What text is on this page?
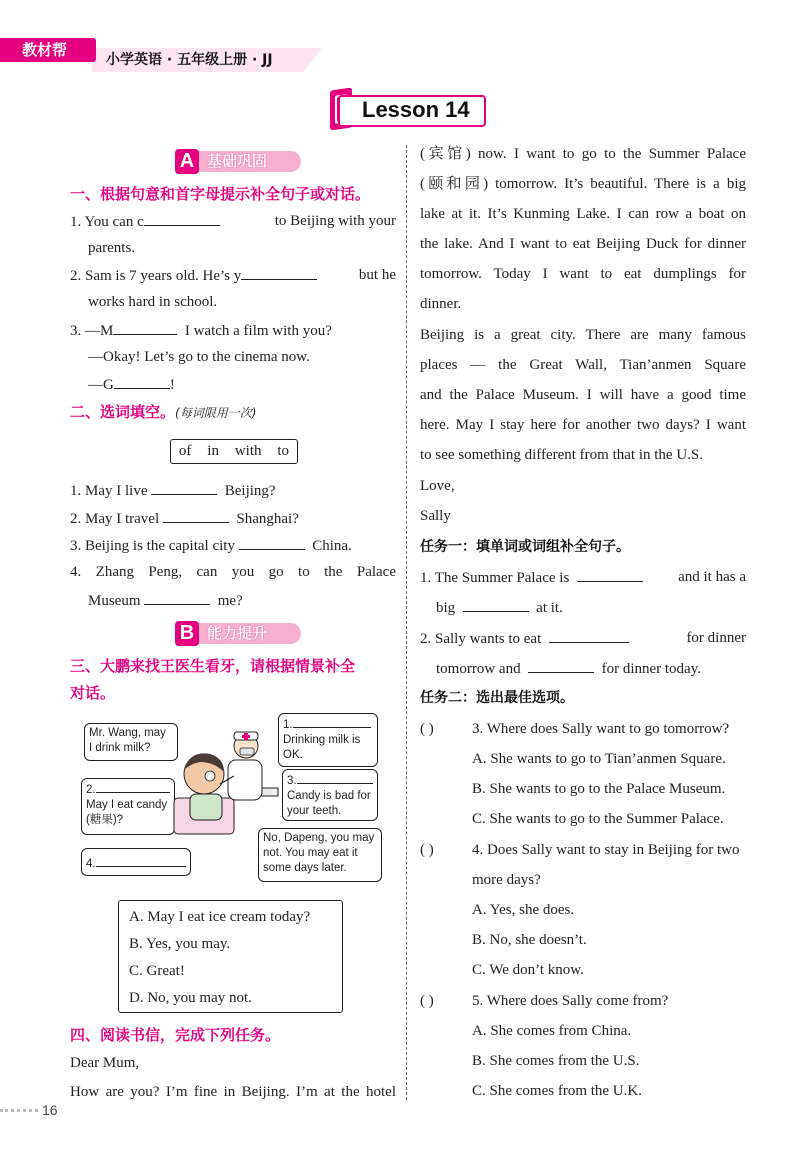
教材帮
小学英语 · 五年级上册 · JJ
Lesson 14
A 基础巩固
一、根据句意和首字母提示补全句子或对话。
1. You can c	to Beijing with your
parents.
2. Sam is 7 years old. He’s y	but he
works hard in school.
3. —M	I watch a film with you?
—Okay! Let’s go to the cinema now.
—G	!
二、选词填空。(每词限用一次)
of in with to
1. May I live	Beijing?
2. May I travel	Shanghai?
3. Beijing is the capital city	China.
4. Zhang Peng, can you go to the Palace
Museum	me?
B 能力提升
三、大鹏来找王医生看牙，请根据情景补全
对话。
Mr. Wang, may
I drink milk?
1.
Drinking milk is
OK.
2.
May I eat candy
(糖果)?
3.
Candy is bad for
your teeth.
No, Dapeng, you may
not. You may eat it
some days later.
4.
A. May I eat ice cream today?
B. Yes, you may.
C. Great!
D. No, you may not.
四、阅读书信，完成下列任务。
Dear Mum,
How are you? I’m fine in Beijing. I’m at the hotel
(宾馆) now. I want to go to the Summer Palace
(颐和园) tomorrow. It’s beautiful. There is a big
lake at it. It’s Kunming Lake. I can row a boat on
the lake. And I want to eat Beijing Duck for dinner
tomorrow. Today I want to eat dumplings for
dinner.
Beijing is a great city. There are many famous
places — the Great Wall, Tian’anmen Square
and the Palace Museum. I will have a good time
here. May I stay here for another two days? I want
to see something different from that in the U.S.
Love,
Sally
任务一：填单词或词组补全句子。
1. The Summer Palace is	and it has a
big	at it.
2. Sally wants to eat	for dinner
tomorrow and	for dinner today.
任务二：选出最佳选项。
( )	3. Where does Sally want to go tomorrow?
A. She wants to go to Tian’anmen Square.
B. She wants to go to the Palace Museum.
C. She wants to go to the Summer Palace.
( )	4. Does Sally want to stay in Beijing for two
more days?
A. Yes, she does.
B. No, she doesn’t.
C. We don’t know.
( )	5. Where does Sally come from?
A. She comes from China.
B. She comes from the U.S.
C. She comes from the U.K.
16
